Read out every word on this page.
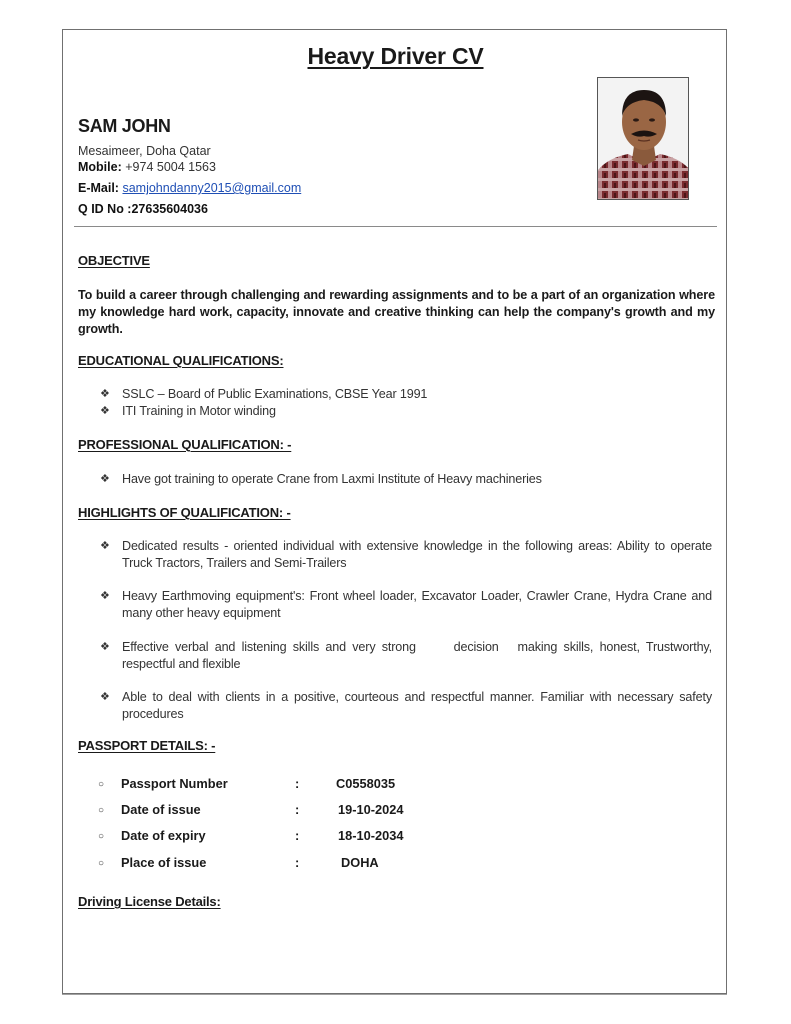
Heavy Driver CV
SAM JOHN
Mesaimeer, Doha Qatar
Mobile: +974 5004 1563
E-Mail: samjohndanny2015@gmail.com
Q ID No :27635604036
OBJECTIVE
To build a career through challenging and rewarding assignments and to be a part of an organization where my knowledge hard work, capacity, innovate and creative thinking can help the company's growth and my growth.
EDUCATIONAL QUALIFICATIONS:
❖ SSLC – Board of Public Examinations, CBSE Year 1991
❖ ITI Training in Motor winding
PROFESSIONAL QUALIFICATION: -
❖ Have got training to operate Crane from Laxmi Institute of Heavy machineries
HIGHLIGHTS OF QUALIFICATION: -
❖ Dedicated results - oriented individual with extensive knowledge in the following areas: Ability to operate Truck Tractors, Trailers and Semi-Trailers
❖ Heavy Earthmoving equipment's: Front wheel loader, Excavator Loader, Crawler Crane, Hydra Crane and many other heavy equipment
❖ Effective verbal and listening skills and very strong      decision   making skills, honest, Trustworthy, respectful and flexible
❖ Able to deal with clients in a positive, courteous and respectful manner. Familiar with necessary safety procedures
PASSPORT DETAILS: -
○ Passport Number	:	C0558035
○ Date of issue	:	19-10-2024
○ Date of expiry	:	18-10-2034
○ Place of issue	:	DOHA
Driving License Details:
